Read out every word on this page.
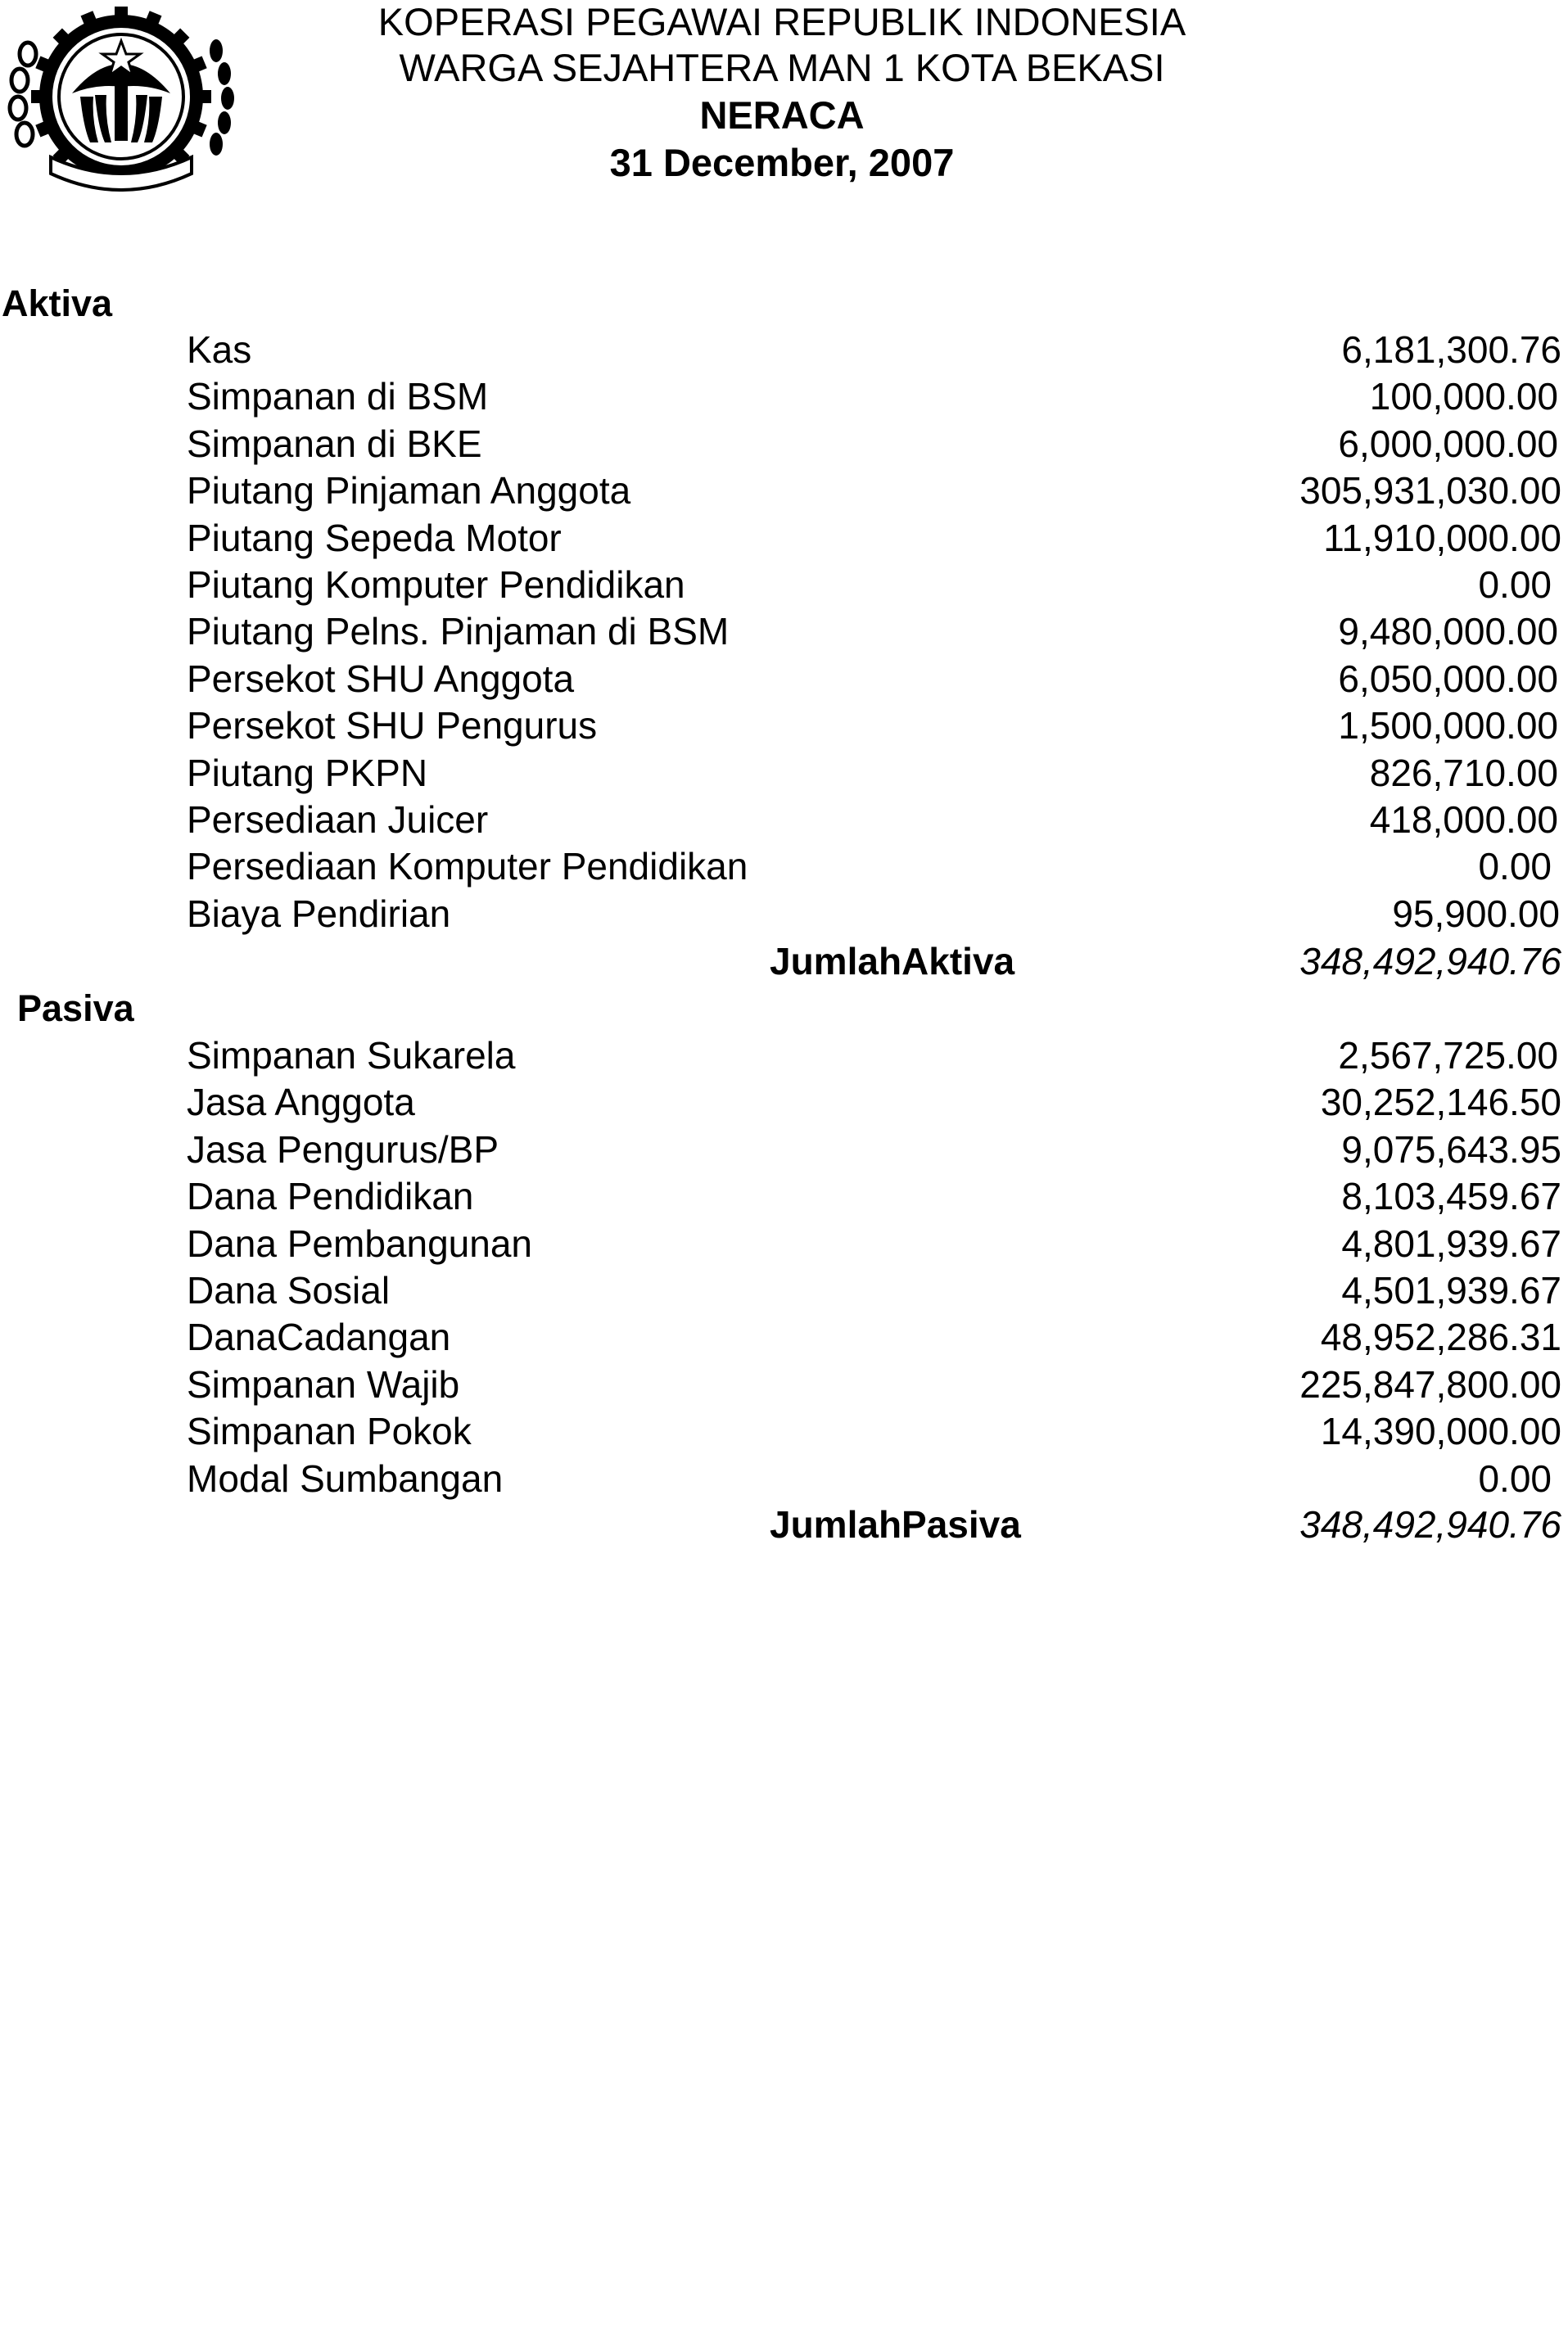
KOPERASI PEGAWAI REPUBLIK INDONESIA
WARGA SEJAHTERA MAN 1 KOTA BEKASI
NERACA
31 December, 2007
Aktiva
Kas	6,181,300.76
Simpanan di BSM	100,000.00
Simpanan di BKE	6,000,000.00
Piutang Pinjaman Anggota	305,931,030.00
Piutang Sepeda Motor	11,910,000.00
Piutang Komputer Pendidikan	0.00
Piutang Pelns. Pinjaman di BSM	9,480,000.00
Persekot SHU Anggota	6,050,000.00
Persekot SHU Pengurus	1,500,000.00
Piutang PKPN	826,710.00
Persediaan Juicer	418,000.00
Persediaan Komputer Pendidikan	0.00
Biaya Pendirian	95,900.00
JumlahAktiva	348,492,940.76
Pasiva
Simpanan Sukarela	2,567,725.00
Jasa Anggota	30,252,146.50
Jasa Pengurus/BP	9,075,643.95
Dana Pendidikan	8,103,459.67
Dana Pembangunan	4,801,939.67
Dana Sosial	4,501,939.67
DanaCadangan	48,952,286.31
Simpanan Wajib	225,847,800.00
Simpanan Pokok	14,390,000.00
Modal Sumbangan	0.00
JumlahPasiva	348,492,940.76
